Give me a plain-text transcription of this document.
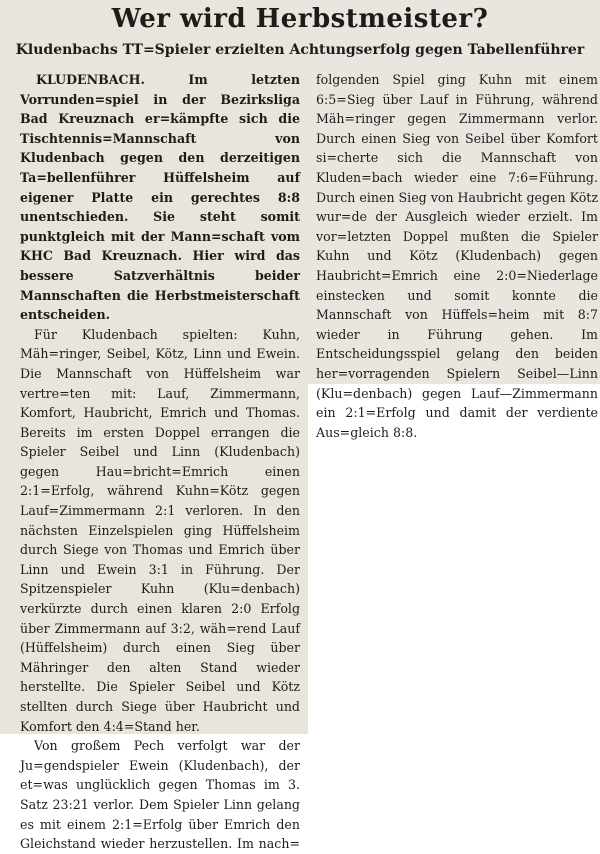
Wer wird Herbstmeister?
Kludenbachs TT=Spieler erzielten Achtungserfolg gegen Tabellenführer

KLUDENBACH. Im letzten Vorrunden=spiel in der Bezirksliga Bad Kreuznach er=kämpfte sich die Tischtennis=Mannschaft von Kludenbach gegen den derzeitigen Ta=bellenführer Hüffelsheim auf eigener Platte ein gerechtes 8:8 unentschieden. Sie steht somit punktgleich mit der Mann=schaft vom KHC Bad Kreuznach. Hier wird das bessere Satzverhältnis beider Mannschaften die Herbstmeisterschaft entscheiden.

Für Kludenbach spielten: Kuhn, Mäh=ringer, Seibel, Kötz, Linn und Ewein. Die Mannschaft von Hüffelsheim war vertre=ten mit: Lauf, Zimmermann, Komfort, Haubricht, Emrich und Thomas. Bereits im ersten Doppel errangen die Spieler Seibel und Linn (Kludenbach) gegen Hau=bricht=Emrich einen 2:1=Erfolg, während Kuhn=Kötz gegen Lauf=Zimmermann 2:1 verloren. In den nächsten Einzelspielen ging Hüffelsheim durch Siege von Thomas und Emrich über Linn und Ewein 3:1 in Führung. Der Spitzenspieler Kuhn (Klu=denbach) verkürzte durch einen klaren 2:0 Erfolg über Zimmermann auf 3:2, wäh=rend Lauf (Hüffelsheim) durch einen Sieg über Mähringer den alten Stand wieder herstellte. Die Spieler Seibel und Kötz stellten durch Siege über Haubricht und Komfort den 4:4=Stand her.

Von großem Pech verfolgt war der Ju=gendspieler Ewein (Kludenbach), der et=was unglücklich gegen Thomas im 3. Satz 23:21 verlor. Dem Spieler Linn gelang es mit einem 2:1=Erfolg über Emrich den Gleichstand wieder herzustellen. Im nach=

folgenden Spiel ging Kuhn mit einem 6:5=Sieg über Lauf in Führung, während Mäh=ringer gegen Zimmermann verlor. Durch einen Sieg von Seibel über Komfort si=cherte sich die Mannschaft von Kluden=bach wieder eine 7:6=Führung. Durch einen Sieg von Haubricht gegen Kötz wur=de der Ausgleich wieder erzielt. Im vor=letzten Doppel mußten die Spieler Kuhn und Kötz (Kludenbach) gegen Haubricht=Emrich eine 2:0=Niederlage einstecken und somit konnte die Mannschaft von Hüffels=heim mit 8:7 wieder in Führung gehen. Im Entscheidungsspiel gelang den beiden her=vorragenden Spielern Seibel—Linn (Klu=denbach) gegen Lauf—Zimmermann ein 2:1=Erfolg und damit der verdiente Aus=gleich 8:8.
